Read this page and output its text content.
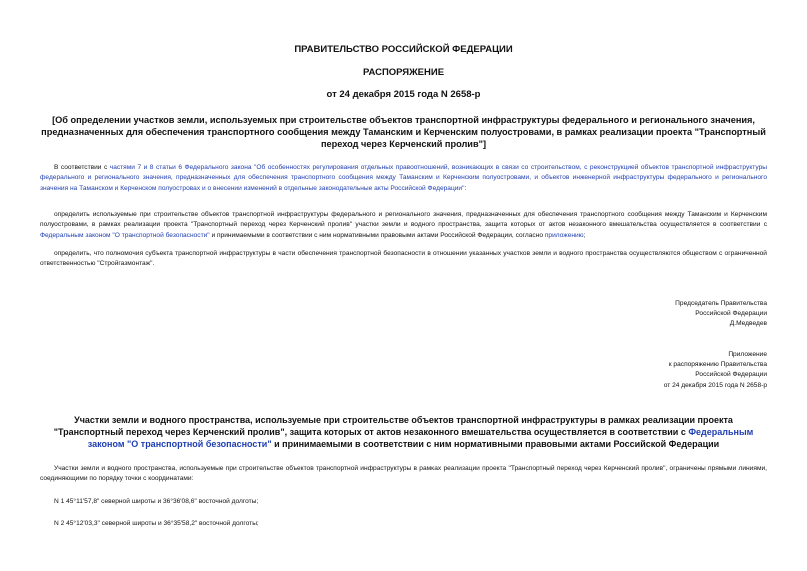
ПРАВИТЕЛЬСТВО РОССИЙСКОЙ ФЕДЕРАЦИИ
РАСПОРЯЖЕНИЕ
от 24 декабря 2015 года N 2658-р
[Об определении участков земли, используемых при строительстве объектов транспортной инфраструктуры федерального и регионального значения, предназначенных для обеспечения транспортного сообщения между Таманским и Керченским полуостровами, в рамках реализации проекта "Транспортный переход через Керченский пролив"]
В соответствии с частями 7 и 8 статьи 6 Федерального закона "Об особенностях регулирования отдельных правоотношений, возникающих в связи со строительством, с реконструкцией объектов транспортной инфраструктуры федерального и регионального значения, предназначенных для обеспечения транспортного сообщения между Таманским и Керченским полуостровами, и объектов инженерной инфраструктуры федерального и регионального значения на Таманском и Керченском полуостровах и о внесении изменений в отдельные законодательные акты Российской Федерации":
определить используемые при строительстве объектов транспортной инфраструктуры федерального и регионального значения, предназначенных для обеспечения транспортного сообщения между Таманским и Керченским полуостровами, в рамках реализации проекта "Транспортный переход через Керченский пролив" участки земли и водного пространства, защита которых от актов незаконного вмешательства осуществляется в соответствии с Федеральным законом "О транспортной безопасности" и принимаемыми в соответствии с ним нормативными правовыми актами Российской Федерации, согласно приложению;
определить, что полномочия субъекта транспортной инфраструктуры в части обеспечения транспортной безопасности в отношении указанных участков земли и водного пространства осуществляются обществом с ограниченной ответственностью "Стройгазмонтаж".
Председатель Правительства
Российской Федерации
Д.Медведев
Приложение
к распоряжению Правительства
Российской Федерации
от 24 декабря 2015 года N 2658-р
Участки земли и водного пространства, используемые при строительстве объектов транспортной инфраструктуры в рамках реализации проекта "Транспортный переход через Керченский пролив", защита которых от актов незаконного вмешательства осуществляется в соответствии с Федеральным законом "О транспортной безопасности" и принимаемыми в соответствии с ним нормативными правовыми актами Российской Федерации
Участки земли и водного пространства, используемые при строительстве объектов транспортной инфраструктуры в рамках реализации проекта "Транспортный переход через Керченский пролив", ограничены прямыми линиями, соединяющими по порядку точки с координатами:
N 1 45°11'57,8" северной широты и 36°36'08,6" восточной долготы;
N 2 45°12'03,3" северной широты и 36°35'58,2" восточной долготы;
